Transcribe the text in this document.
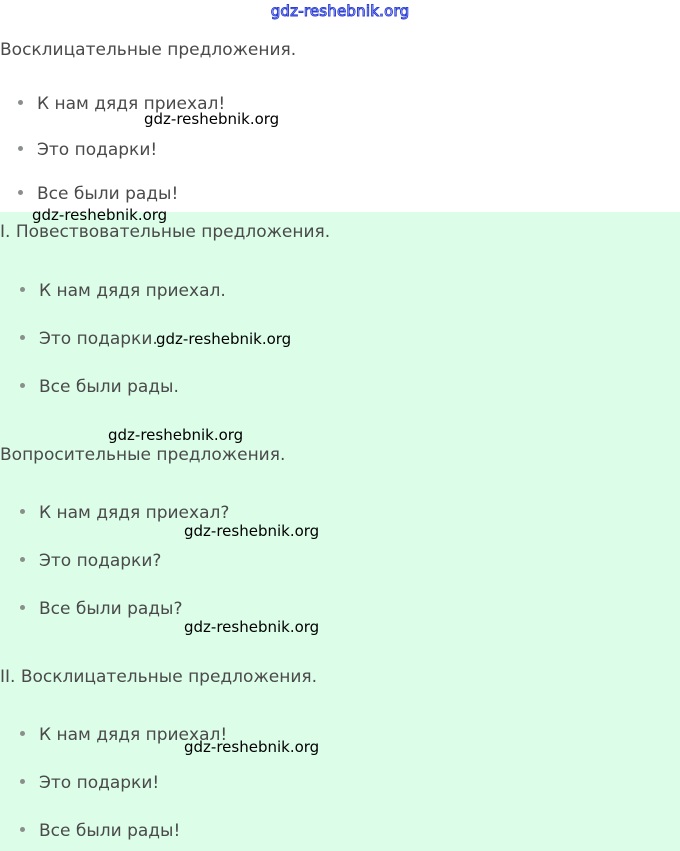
gdz-reshebnik.org
Восклицательные предложения.
К нам дядя приехал!
Это подарки!
Все были рады!
I. Повествовательные предложения.
К нам дядя приехал.
Это подарки.
Все были рады.
Вопросительные предложения.
К нам дядя приехал?
Это подарки?
Все были рады?
II. Восклицательные предложения.
К нам дядя приехал!
Это подарки!
Все были рады!
gdz-reshebnik.org
gdz-reshebnik.org
gdz-reshebnik.org
gdz-reshebnik.org
gdz-reshebnik.org
gdz-reshebnik.org
gdz-reshebnik.org
